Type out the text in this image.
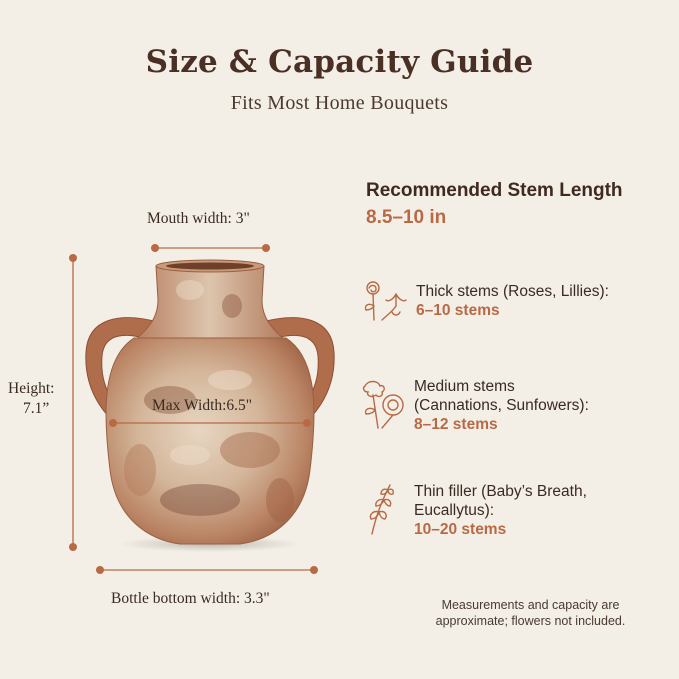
Size & Capacity Guide
Fits Most Home Bouquets
Mouth width: 3"
Height:
7.1”	Max Width:6.5"
Bottle bottom width: 3.3"
Recommended Stem Length
8.5–10 in
Thick stems (Roses, Lillies):
6–10 stems
Medium stems
(Cannations, Sunfowers):
8–12 stems
Thin filler (Baby’s Breath,
Eucallytus):
10–20 stems
Measurements and capacity are
approximate; flowers not included.
